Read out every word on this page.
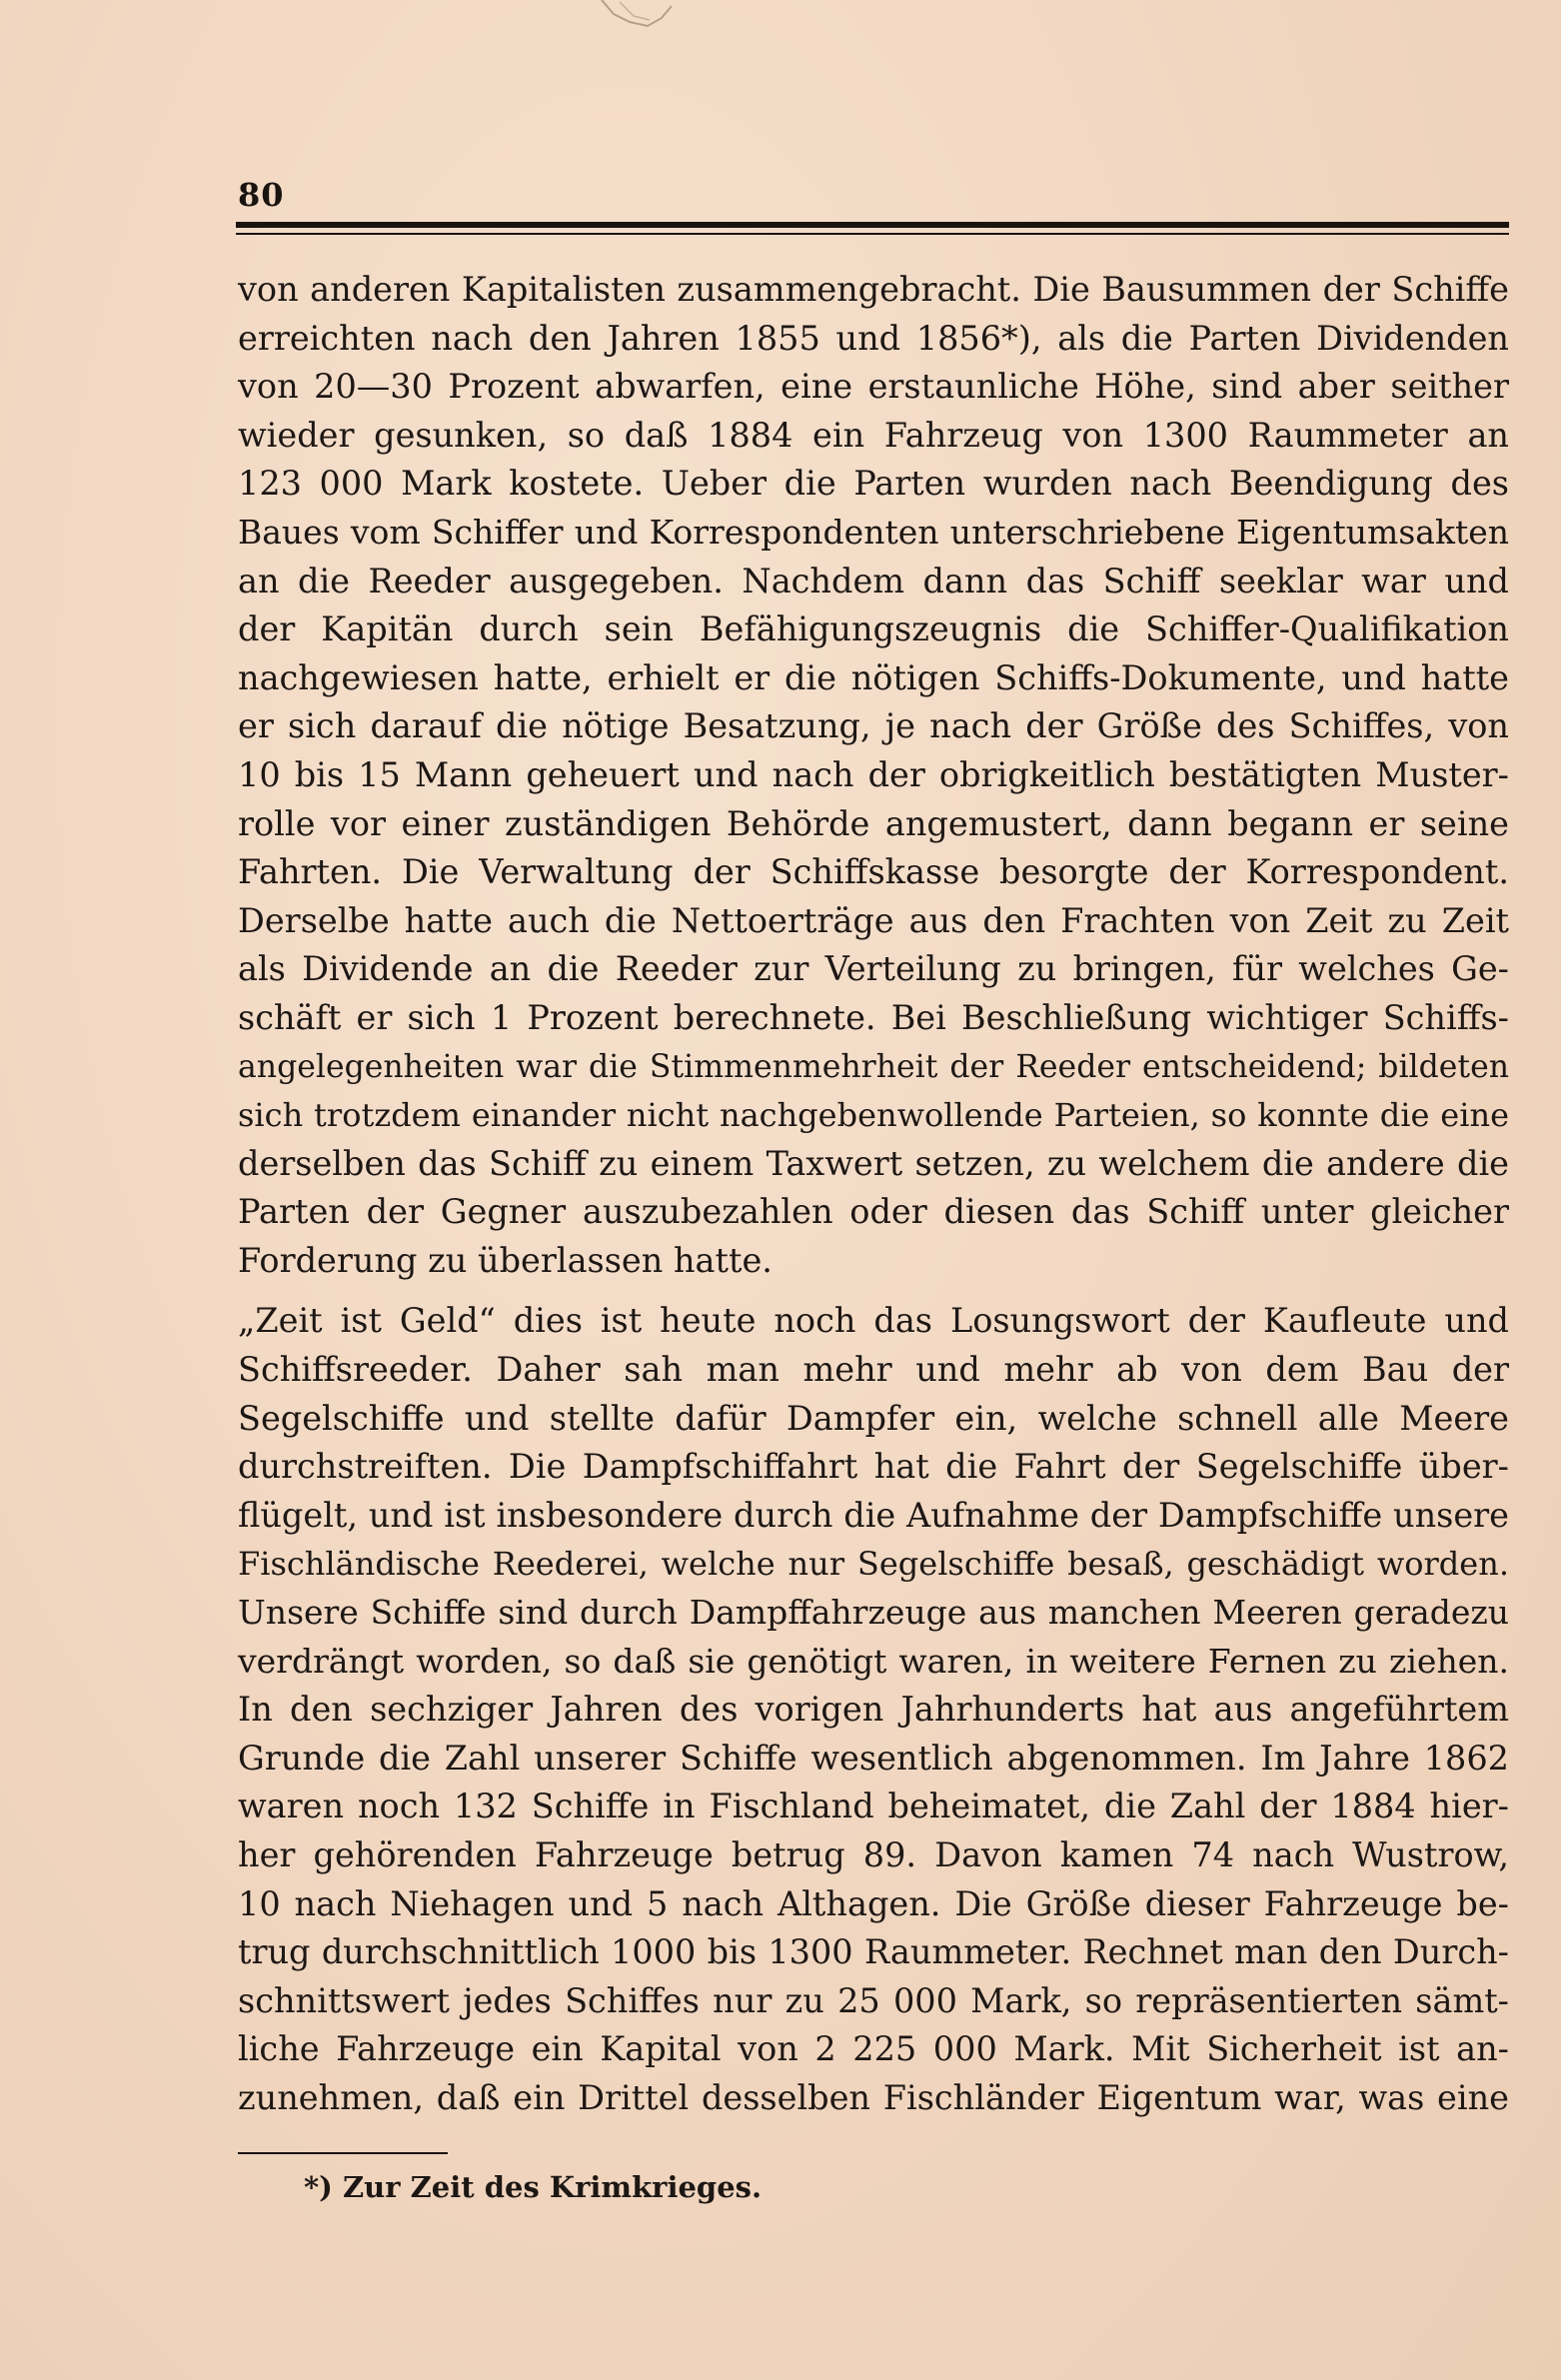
80
von anderen Kapitalisten zusammengebracht. Die Bausummen der Schiffe
erreichten nach den Jahren 1855 und 1856*), als die Parten Dividenden
von 20—30 Prozent abwarfen, eine erstaunliche Höhe, sind aber seither
wieder gesunken, so daß 1884 ein Fahrzeug von 1300 Raummeter an
123 000 Mark kostete. Ueber die Parten wurden nach Beendigung des
Baues vom Schiffer und Korrespondenten unterschriebene Eigentumsakten
an die Reeder ausgegeben. Nachdem dann das Schiff seeklar war und
der Kapitän durch sein Befähigungszeugnis die Schiffer-Qualifikation
nachgewiesen hatte, erhielt er die nötigen Schiffs-Dokumente, und hatte
er sich darauf die nötige Besatzung, je nach der Größe des Schiffes, von
10 bis 15 Mann geheuert und nach der obrigkeitlich bestätigten Muster-
rolle vor einer zuständigen Behörde angemustert, dann begann er seine
Fahrten. Die Verwaltung der Schiffskasse besorgte der Korrespondent.
Derselbe hatte auch die Nettoerträge aus den Frachten von Zeit zu Zeit
als Dividende an die Reeder zur Verteilung zu bringen, für welches Ge-
schäft er sich 1 Prozent berechnete. Bei Beschließung wichtiger Schiffs-
angelegenheiten war die Stimmenmehrheit der Reeder entscheidend; bildeten
sich trotzdem einander nicht nachgebenwollende Parteien, so konnte die eine
derselben das Schiff zu einem Taxwert setzen, zu welchem die andere die
Parten der Gegner auszubezahlen oder diesen das Schiff unter gleicher
Forderung zu überlassen hatte.
„Zeit ist Geld“ dies ist heute noch das Losungswort der Kaufleute und
Schiffsreeder. Daher sah man mehr und mehr ab von dem Bau der
Segelschiffe und stellte dafür Dampfer ein, welche schnell alle Meere
durchstreiften. Die Dampfschiffahrt hat die Fahrt der Segelschiffe über-
flügelt, und ist insbesondere durch die Aufnahme der Dampfschiffe unsere
Fischländische Reederei, welche nur Segelschiffe besaß, geschädigt worden.
Unsere Schiffe sind durch Dampffahrzeuge aus manchen Meeren geradezu
verdrängt worden, so daß sie genötigt waren, in weitere Fernen zu ziehen.
In den sechziger Jahren des vorigen Jahrhunderts hat aus angeführtem
Grunde die Zahl unserer Schiffe wesentlich abgenommen. Im Jahre 1862
waren noch 132 Schiffe in Fischland beheimatet, die Zahl der 1884 hier-
her gehörenden Fahrzeuge betrug 89. Davon kamen 74 nach Wustrow,
10 nach Niehagen und 5 nach Althagen. Die Größe dieser Fahrzeuge be-
trug durchschnittlich 1000 bis 1300 Raummeter. Rechnet man den Durch-
schnittswert jedes Schiffes nur zu 25 000 Mark, so repräsentierten sämt-
liche Fahrzeuge ein Kapital von 2 225 000 Mark. Mit Sicherheit ist an-
zunehmen, daß ein Drittel desselben Fischländer Eigentum war, was eine
*) Zur Zeit des Krimkrieges.
